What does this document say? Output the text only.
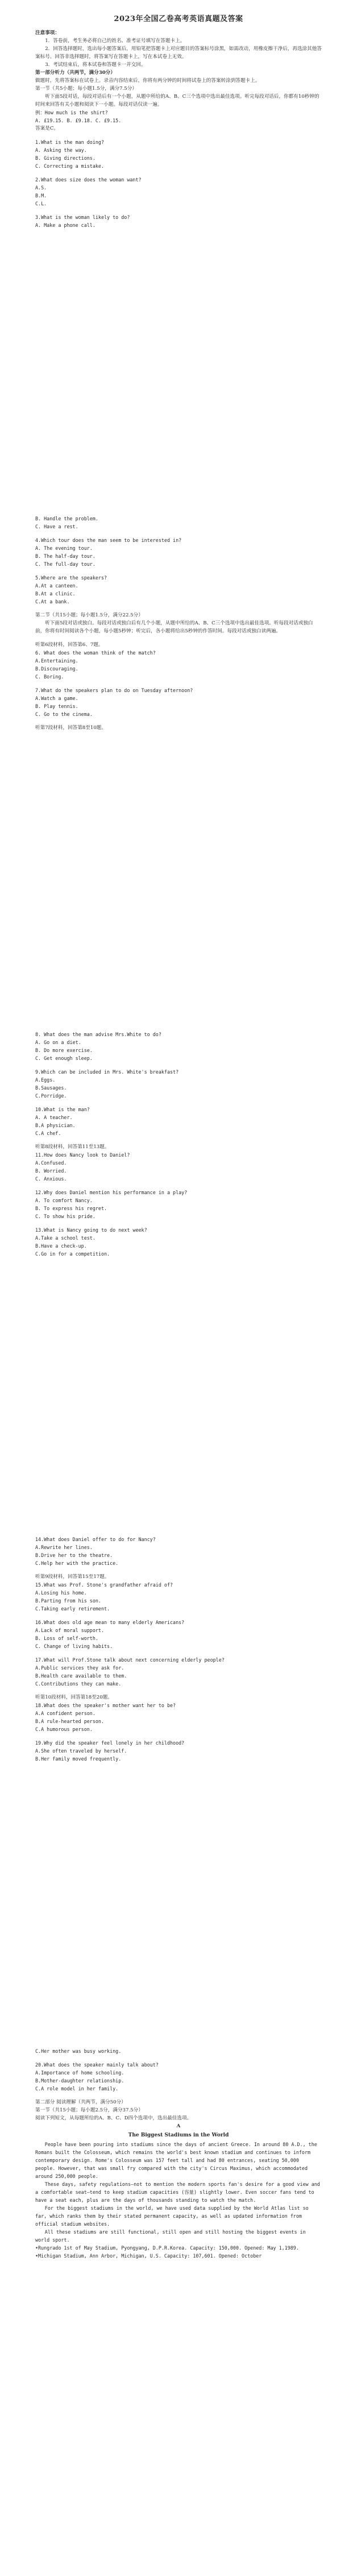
2023年全国乙卷高考英语真题及答案

注意事项：

1．答卷前，考生务必将自己的姓名、准考证号填写在答题卡上。

2．回答选择题时，选出每小题答案后，用铅笔把答题卡上对应题目的答案标号涂黑，如需改动，用橡皮擦干净后，再选涂其他答案标号。回答非选择题时，将答案写在答题卡上，写在本试卷上无效。

3．考试结束后，将本试卷和答题卡一并交回。

第一部分听力（共两节，满分30分）

做题时，先将答案标在试卷上。录音内容结束后，你将有两分钟的时间将试卷上的答案转涂到答题卡上。

第一节（共5小题；每小题1.5分，满分7.5分）

听下面5段对话，每段对话后有一个小题，从题中所给的A、B、C三个选项中选出最佳选项。听完每段对话后，你都有10秒钟的时间来回答有关小题和阅读下一小题。每段对话仅读一遍。

例：How much is the shirt?

A. £19.15. B. £9.18. C. £9.15.

答案是C。

1.What is the man doing?

A. Asking the way.

B. Giving directions.

C. Correcting a mistake.

2.What does size does the woman want?

A.S.

B.M.

C.L.

3.What is the woman likely to do?

A. Make a phone call.

B. Handle the problem.

C. Have a rest.

4.Which tour does the man seem to be interested in?

A. The evening tour.

B. The half-day tour.

C. The full-day tour.

5.Where are the speakers?

A.At a canteen.

B.At a clinic.

C.At a bank.

第二节（共15小题；每小题1.5分，满分22.5分）

听下面5段对话或独白。每段对话或独白后有几个小题，从题中所给的A、B、C三个选项中选出最佳选项。听每段对话或独白前，你将有时间阅读各个小题，每小题5秒钟；听完后，各小题将给出5秒钟的作答时间。每段对话或独白读两遍。

听第6段材料，回答第6、7题。

6. What does the woman think of the match?

A.Entertaining.

B.Discouraging.

C. Boring.

7.What do the speakers plan to do on Tuesday afternoon?

A.Watch a game.

B. Play tennis.

C. Go to the cinema.

听第7段材料，回答第8至10题。

8. What does the man advise Mrs.White to do?

A. Go on a diet.

B. Do more exercise.

C. Get enough sleep.

9.Which can be included in Mrs. White's breakfast?

A.Eggs.

B.Sausages.

C.Porridge.

10.What is the man?

A. A teacher.

B.A physician.

C.A chef.

听第8段材料，回答第11至13题。

11.How does Nancy look to Daniel?

A.Confused.

B. Worried.

C. Anxious.

12.Why does Daniel mention his performance in a play?

A. To comfort Nancy.

B. To express his regret.

C. To show his pride.

13.What is Nancy going to do next week?

A.Take a school test.

B.Have a check-up.

C.Go in for a competition.

14.What does Daniel offer to do for Nancy?

A.Rewrite her lines.

B.Drive her to the theatre.

C.Help her with the practice.

听第9段材料，回答第15至17题。

15.What was Prof. Stone's grandfather afraid of?

A.Losing his home.

B.Parting from his son.

C.Taking early retirement.

16.What does old age mean to many elderly Americans?

A.Lack of moral support.

B. Loss of self-worth.

C. Change of living habits.

17.What will Prof.Stone talk about next concerning elderly people?

A.Public services they ask for.

B.Health care available to them.

C.Contributions they can make.

听第10段材料，回答第18至20题。

18.What does the speaker's mother want her to be?

A.A confident person.

B.A rule-hearted person.

C.A humorous person.

19.Why did the speaker feel lonely in her childhood?

A.She often traveled by herself.

B.Her family moved frequently.

C.Her mother was busy working.

20.What does the speaker mainly talk about?

A.Importance of home schooling.

B.Mother-daughter relationship.

C.A role model in her family.

第二部分 阅读理解（共两节，满分50分）

第一节（共15小题；每小题2.5分，满分37.5分）

阅读下列短文，从每题所给的A、B、C、D四个选项中，选出最佳选项。

A

The Biggest Stadiums in the World

People have been pouring into stadiums since the days of ancient Greece. In around 80 A.D., the Romans built the Colosseum, which remains the world's best known stadium and continues to inform contemporary design. Rome's Colosseum was 157 feet tall and had 80 entrances, seating 50,000 people. However, that was small fry compared with the city's Circus Maximus, which accommodated around 250,000 people.

These days, safety regulations—not to mention the modern sports fan's desire for a good view and a comfortable seat—tend to keep stadium capacities (容量) slightly lower. Even soccer fans tend to have a seat each, plus are the days of thousands standing to watch the match.

For the biggest stadiums in the world, we have used data supplied by the World Atlas list so far, which ranks them by their stated permanent capacity, as well as updated information from official stadium websites.

All these stadiums are still functional, still open and still hosting the biggest events in world sport.

•Rungrado 1st of May Stadium, Pyongyang, D.P.R.Korea. Capacity: 150,000. Opened: May 1,1989.

•Michigan Stadium, Ann Arbor, Michigan, U.S. Capacity: 107,601. Opened: October
